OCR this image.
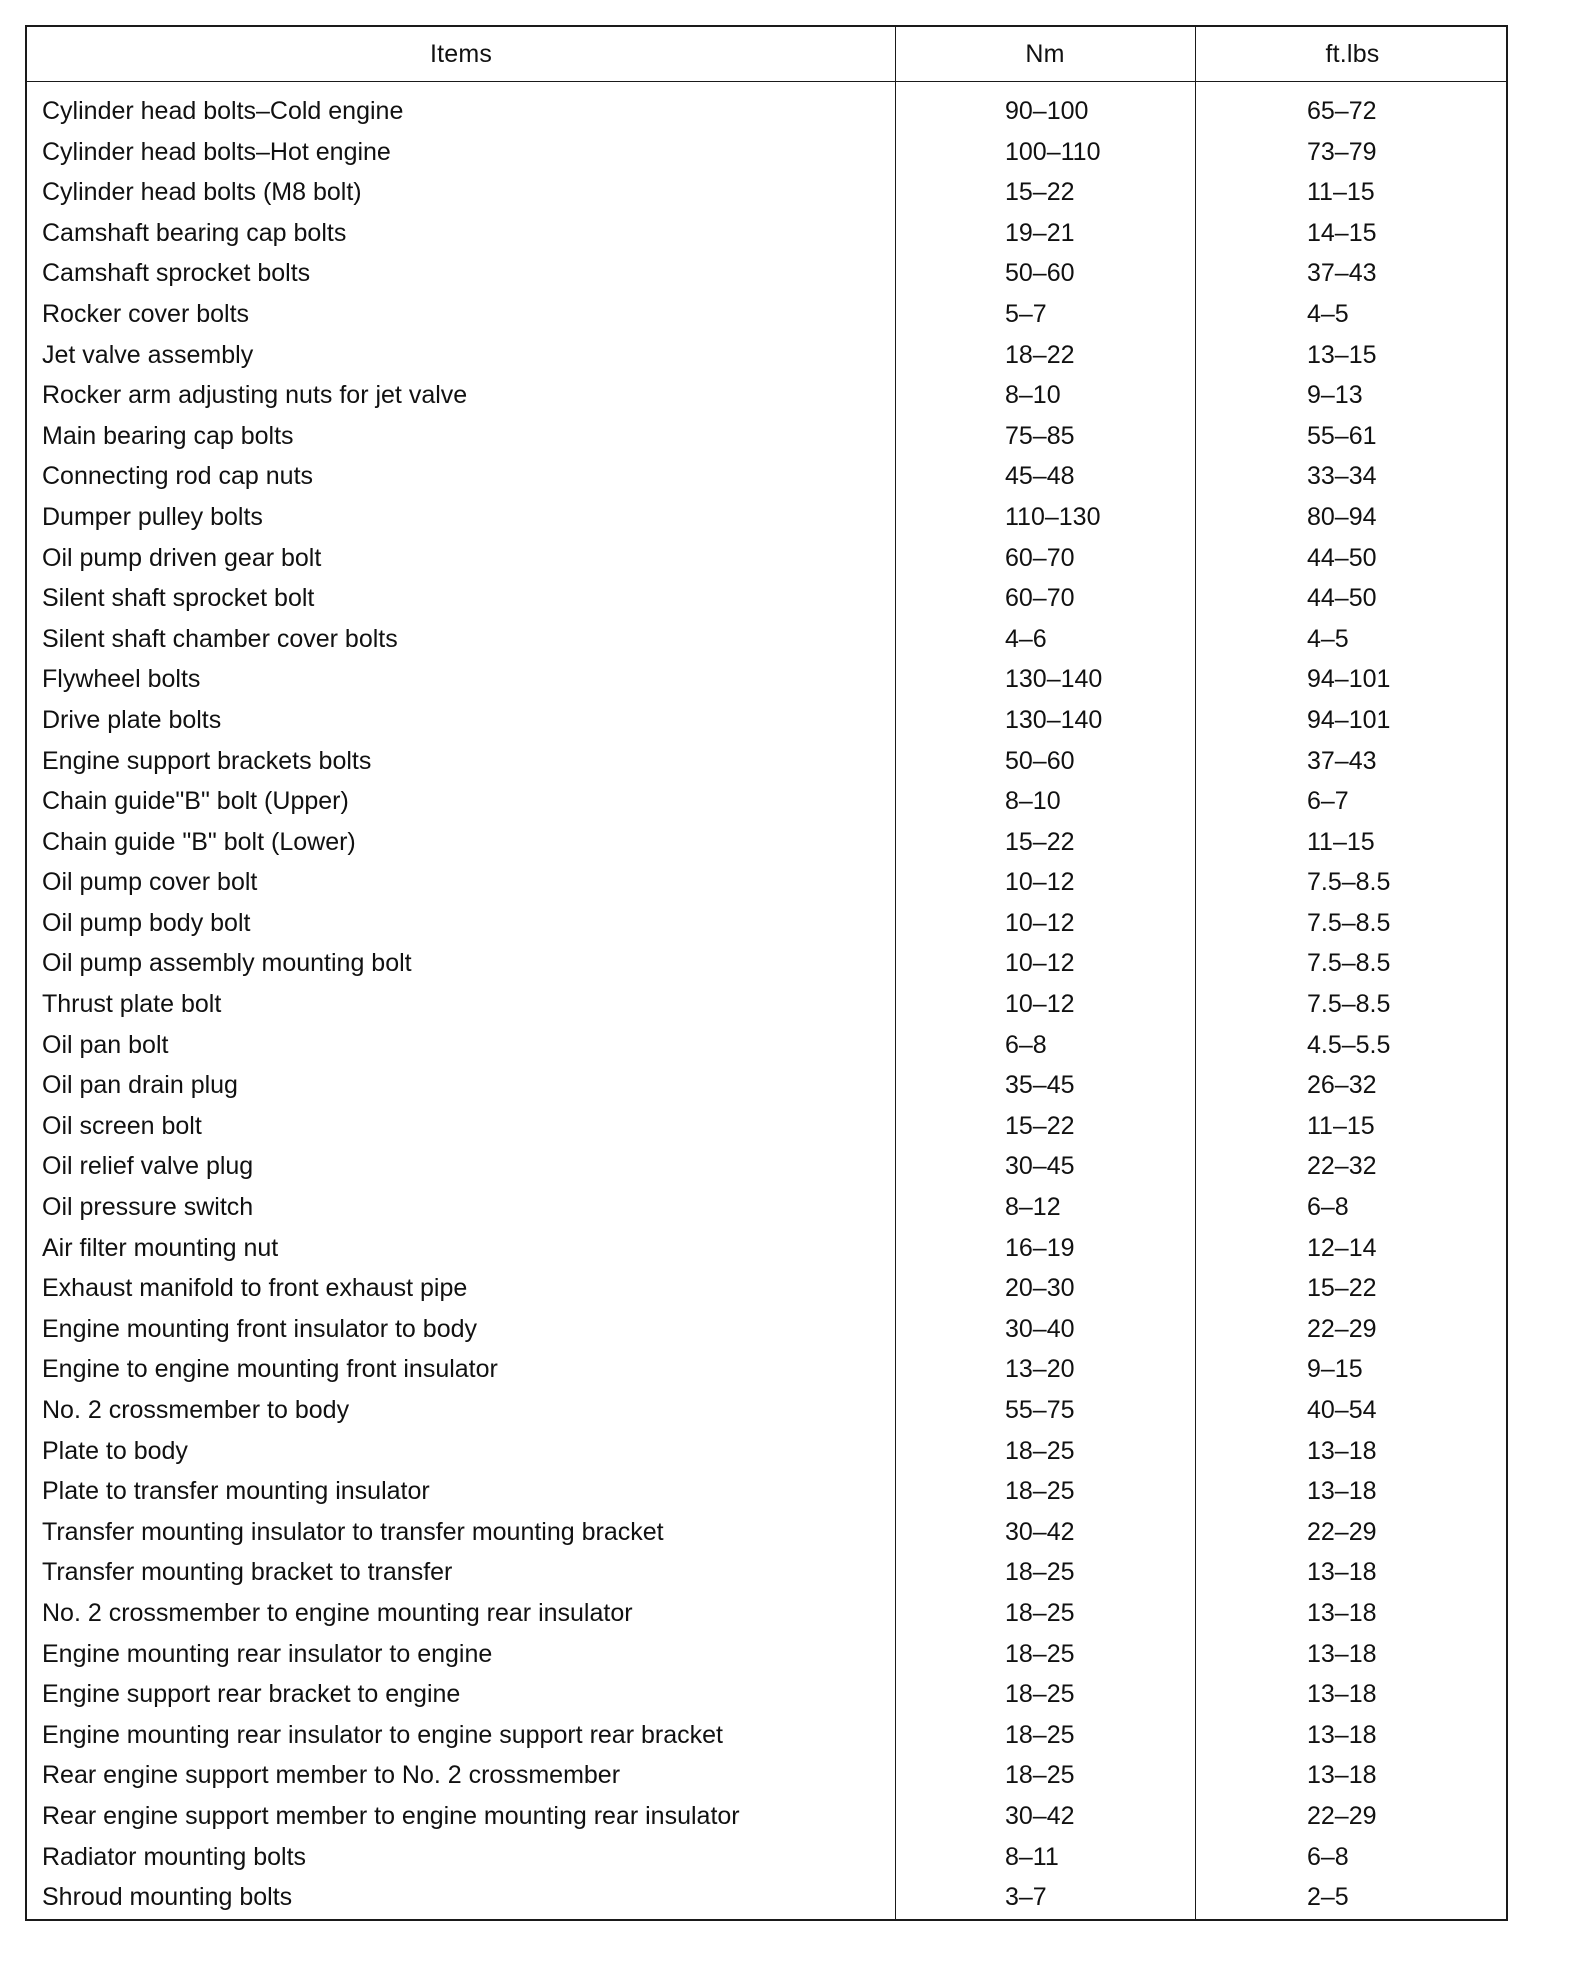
Items	Nm	ft.lbs
Cylinder head bolts–Cold engine	90–100	65–72
Cylinder head bolts–Hot engine	100–110	73–79
Cylinder head bolts (M8 bolt)	15–22	11–15
Camshaft bearing cap bolts	19–21	14–15
Camshaft sprocket bolts	50–60	37–43
Rocker cover bolts	5–7	4–5
Jet valve assembly	18–22	13–15
Rocker arm adjusting nuts for jet valve	8–10	9–13
Main bearing cap bolts	75–85	55–61
Connecting rod cap nuts	45–48	33–34
Dumper pulley bolts	110–130	80–94
Oil pump driven gear bolt	60–70	44–50
Silent shaft sprocket bolt	60–70	44–50
Silent shaft chamber cover bolts	4–6	4–5
Flywheel bolts	130–140	94–101
Drive plate bolts	130–140	94–101
Engine support brackets bolts	50–60	37–43
Chain guide"B" bolt (Upper)	8–10	6–7
Chain guide "B" bolt (Lower)	15–22	11–15
Oil pump cover bolt	10–12	7.5–8.5
Oil pump body bolt	10–12	7.5–8.5
Oil pump assembly mounting bolt	10–12	7.5–8.5
Thrust plate bolt	10–12	7.5–8.5
Oil pan bolt	6–8	4.5–5.5
Oil pan drain plug	35–45	26–32
Oil screen bolt	15–22	11–15
Oil relief valve plug	30–45	22–32
Oil pressure switch	8–12	6–8
Air filter mounting nut	16–19	12–14
Exhaust manifold to front exhaust pipe	20–30	15–22
Engine mounting front insulator to body	30–40	22–29
Engine to engine mounting front insulator	13–20	9–15
No. 2 crossmember to body	55–75	40–54
Plate to body	18–25	13–18
Plate to transfer mounting insulator	18–25	13–18
Transfer mounting insulator to transfer mounting bracket	30–42	22–29
Transfer mounting bracket to transfer	18–25	13–18
No. 2 crossmember to engine mounting rear insulator	18–25	13–18
Engine mounting rear insulator to engine	18–25	13–18
Engine support rear bracket to engine	18–25	13–18
Engine mounting rear insulator to engine support rear bracket	18–25	13–18
Rear engine support member to No. 2 crossmember	18–25	13–18
Rear engine support member to engine mounting rear insulator	30–42	22–29
Radiator mounting bolts	8–11	6–8
Shroud mounting bolts	3–7	2–5
